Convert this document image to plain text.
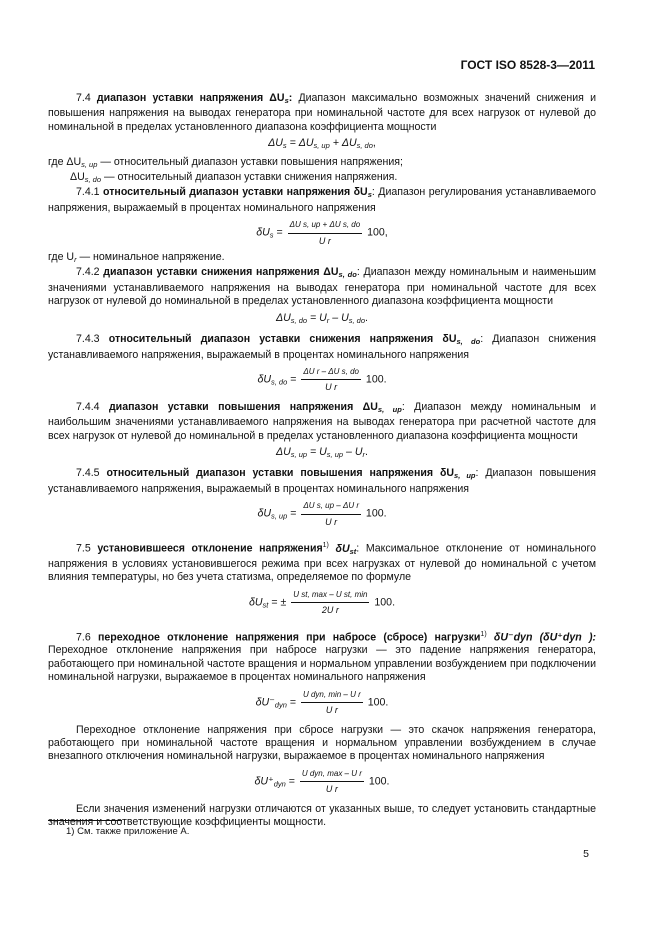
ГОСТ ISO 8528-3—2011

7.4 диапазон уставки напряжения $\Delta U_s$: Диапазон максимально возможных значений снижения и повышения напряжения на выводах генератора при номинальной частоте для всех нагрузок от нулевой до номинальной в пределах установленного диапазона коэффициента мощности

$\Delta U_s = \Delta U_{s, up} + \Delta U_{s, do}$,

где $\Delta U_{s, up}$ — относительный диапазон уставки повышения напряжения;

$\Delta U_{s, do}$ — относительный диапазон уставки снижения напряжения.

7.4.1 относительный диапазон уставки напряжения $\delta U_s$: Диапазон регулирования устанавливаемого напряжения, выражаемый в процентах номинального напряжения

$\delta U_s = \frac{\text{ΔU s, up + ΔU s, do}}{\text{U r}} 100$,

где $U_r$ — номинальное напряжение.

7.4.2 диапазон уставки снижения напряжения $\Delta U_{s, do}$: Диапазон между номинальным и наименьшим значениями устанавливаемого напряжения на выводах генератора при номинальной частоте для всех нагрузок от нулевой до номинальной в пределах установленного диапазона коэффициента мощности

$\Delta U_{s, do} = U_r - U_{s, do}$.

7.4.3 относительный диапазон уставки снижения напряжения $\delta U_{s, do}$: Диапазон снижения устанавливаемого напряжения, выражаемый в процентах номинального напряжения

$\delta U_{s, do} = \frac{\text{ΔU r – ΔU s, do}}{\text{U r}} 100$.

7.4.4 диапазон уставки повышения напряжения $\Delta U_{s, up}$: Диапазон между номинальным и наибольшим значениями устанавливаемого напряжения на выводах генератора при расчетной частоте для всех нагрузок от нулевой до номинальной в пределах установленного диапазона коэффициента мощности

$\Delta U_{s, up} = U_{s, up} - U_r$.

7.4.5 относительный диапазон уставки повышения напряжения $\delta U_{s, up}$: Диапазон повышения устанавливаемого напряжения, выражаемый в процентах номинального напряжения

$\delta U_{s, up} = \frac{\text{ΔU s, up – ΔU r}}{\text{U r}} 100$.

7.5 установившееся отклонение напряжения$^{1)}$ $\delta U_{st}$: Максимальное отклонение от номинального напряжения в условиях установившегося режима при всех нагрузках от нулевой до номинальной с учетом влияния температуры, но без учета статизма, определяемое по формуле

$\delta U_{st}$ = ± $\frac{\text{U st, max – U st, min}}{\text{2U r}} 100$.

7.6 переходное отклонение напряжения при набросе (сбросе) нагрузки$^{1)}$ δU⁻dyn (δU⁺dyn ): Переходное отклонение напряжения при набросе нагрузки — это падение напряжения генератора, работающего при номинальной частоте вращения и нормальном управлении возбуждением при подключении номинальной нагрузки, выражаемое в процентах номинального напряжения

$\delta U^-_{dyn} = \frac{\text{U dyn, min – U r}}{\text{U r}} 100$.

Переходное отклонение напряжения при сбросе нагрузки — это скачок напряжения генератора, работающего при номинальной частоте вращения и нормальном управлении возбуждением в случае внезапного отключения номинальной нагрузки, выражаемое в процентах номинального напряжения

$\delta U^+_{dyn} = \frac{\text{U dyn, max – U r}}{\text{U r}} 100$.

Если значения изменений нагрузки отличаются от указанных выше, то следует установить стандартные значения и соответствующие коэффициенты мощности.

1) См. также приложение А.
5
